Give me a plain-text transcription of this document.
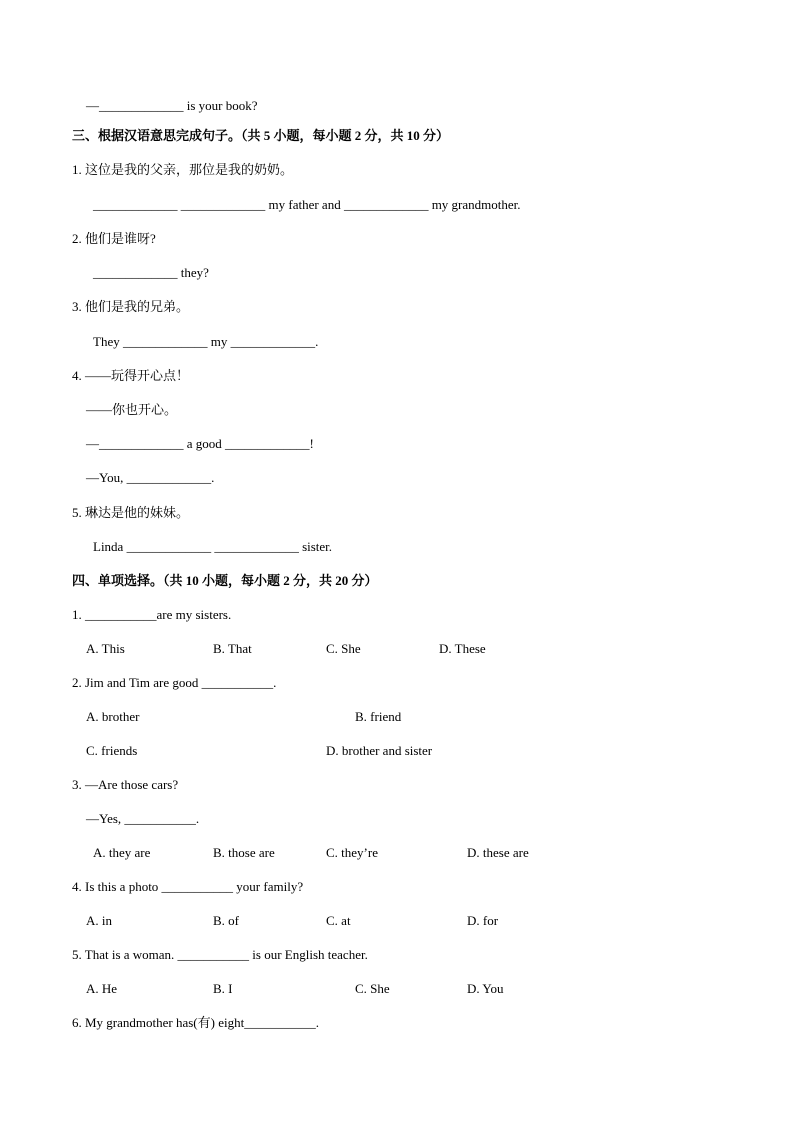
—_____________ is your book?
三、根据汉语意思完成句子。（共 5 小题，每小题 2 分，共 10 分）
1. 这位是我的父亲，那位是我的奶奶。
_____________ _____________ my father and _____________ my grandmother.
2. 他们是谁呀?
_____________ they?
3. 他们是我的兄弟。
They _____________ my _____________.
4. ——玩得开心点！
——你也开心。
—_____________ a good _____________!
—You, _____________.
5. 琳达是他的妹妹。
Linda _____________ _____________ sister.
四、单项选择。（共 10 小题，每小题 2 分，共 20 分）
1. ___________are my sisters.
A. This	B. That	C. She	D. These
2. Jim and Tim are good ___________.
A. brother	B. friend
C. friends	D. brother and sister
3. —Are those cars?
—Yes, ___________.
A. they are	B. those are	C. they’re	D. these are
4. Is this a photo ___________ your family?
A. in	B. of	C. at	D. for
5. That is a woman. ___________ is our English teacher.
A. He	B. I	C. She	D. You
6. My grandmother has(有) eight___________.
